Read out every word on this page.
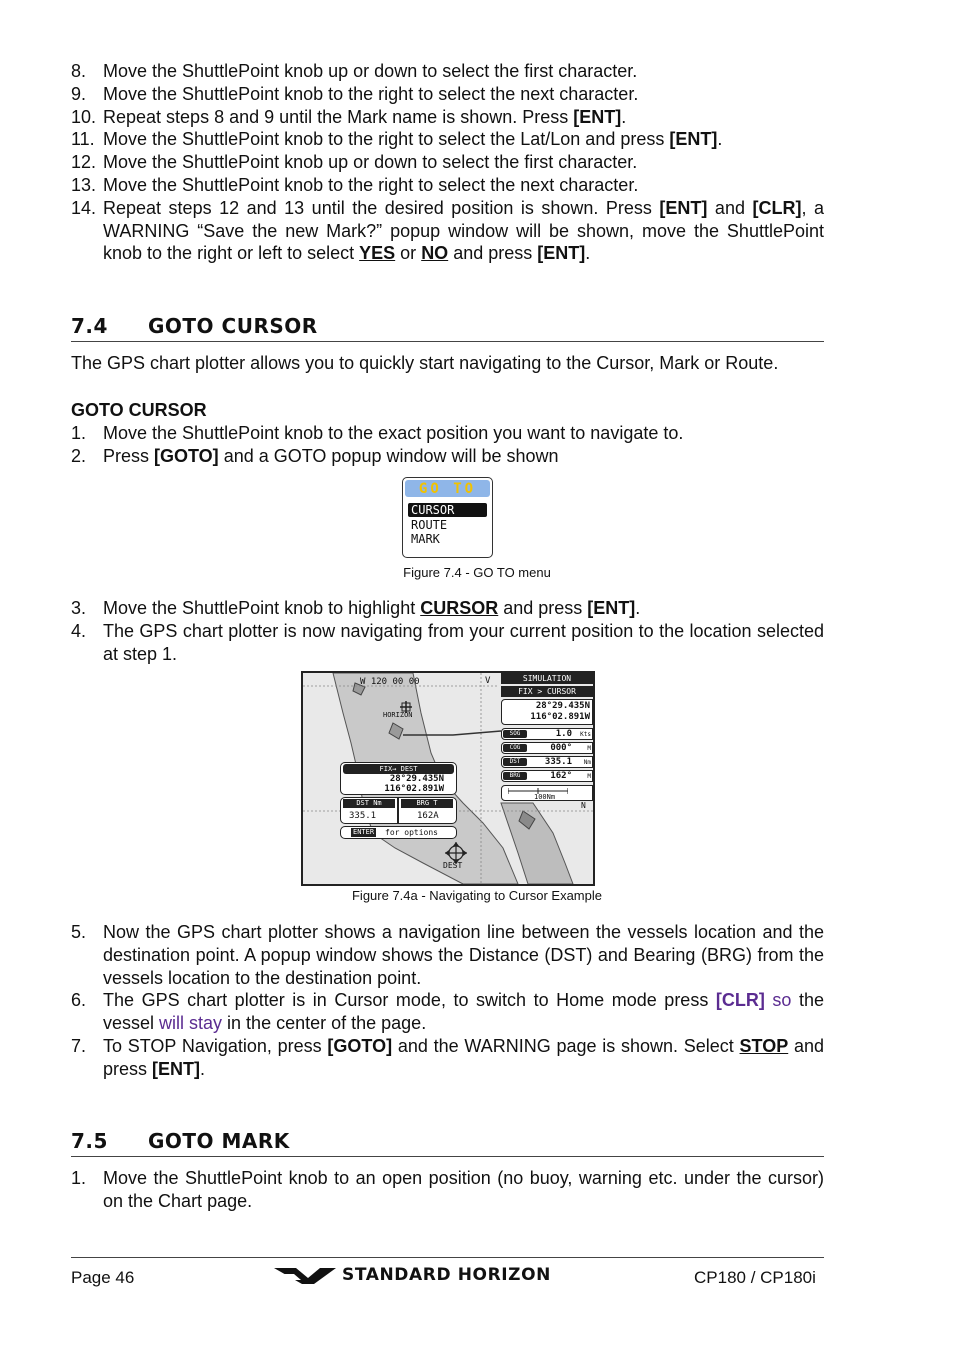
8. Move the ShuttlePoint knob up or down to select the first character.
9. Move the ShuttlePoint knob to the right to select the next character.
10. Repeat steps 8 and 9 until the Mark name is shown. Press [ENT].
11. Move the ShuttlePoint knob to the right to select the Lat/Lon and press [ENT].
12. Move the ShuttlePoint knob up or down to select the first character.
13. Move the ShuttlePoint knob to the right to select the next character.
14. Repeat steps 12 and 13 until the desired position is shown. Press [ENT] and [CLR], a WARNING “Save the new Mark?” popup window will be shown, move the ShuttlePoint knob to the right or left to select YES or NO and press [ENT].
7.4 GOTO CURSOR
The GPS chart plotter allows you to quickly start navigating to the Cursor, Mark or Route.
GOTO CURSOR
1. Move the ShuttlePoint knob to the exact position you want to navigate to.
2. Press [GOTO] and a GOTO popup window will be shown
GO TO
CURSOR
ROUTE
MARK
Figure 7.4 - GO TO menu
3. Move the ShuttlePoint knob to highlight CURSOR and press [ENT].
4. The GPS chart plotter is now navigating from your current position to the location selected at step 1.
W 120 00 00
HORIZON
DEST
V
N
SIMULATION
FIX > CURSOR
28°29.435N
116°02.891W
SOG	1.0 Kts
COG	000°	M
DST	335.1 Nm
BRG	162°	M
100Nm
FIX→ DEST
28°29.435N
116°02.891W
DST Nm
335.1
BRG T
162A
ENTER for options
Figure 7.4a - Navigating to Cursor Example
5. Now the GPS chart plotter shows a navigation line between the vessels location and the destination point. A popup window shows the Distance (DST) and Bearing (BRG) from the vessels location to the destination point.
6. The GPS chart plotter is in Cursor mode, to switch to Home mode press [CLR] so the vessel will stay in the center of the page.
7. To STOP Navigation, press [GOTO] and the WARNING page is shown. Select STOP and press [ENT].
7.5 GOTO MARK
1. Move the ShuttlePoint knob to an open position (no buoy, warning etc. under the cursor) on the Chart page.
Page 46	STANDARD HORIZON	CP180 / CP180i
